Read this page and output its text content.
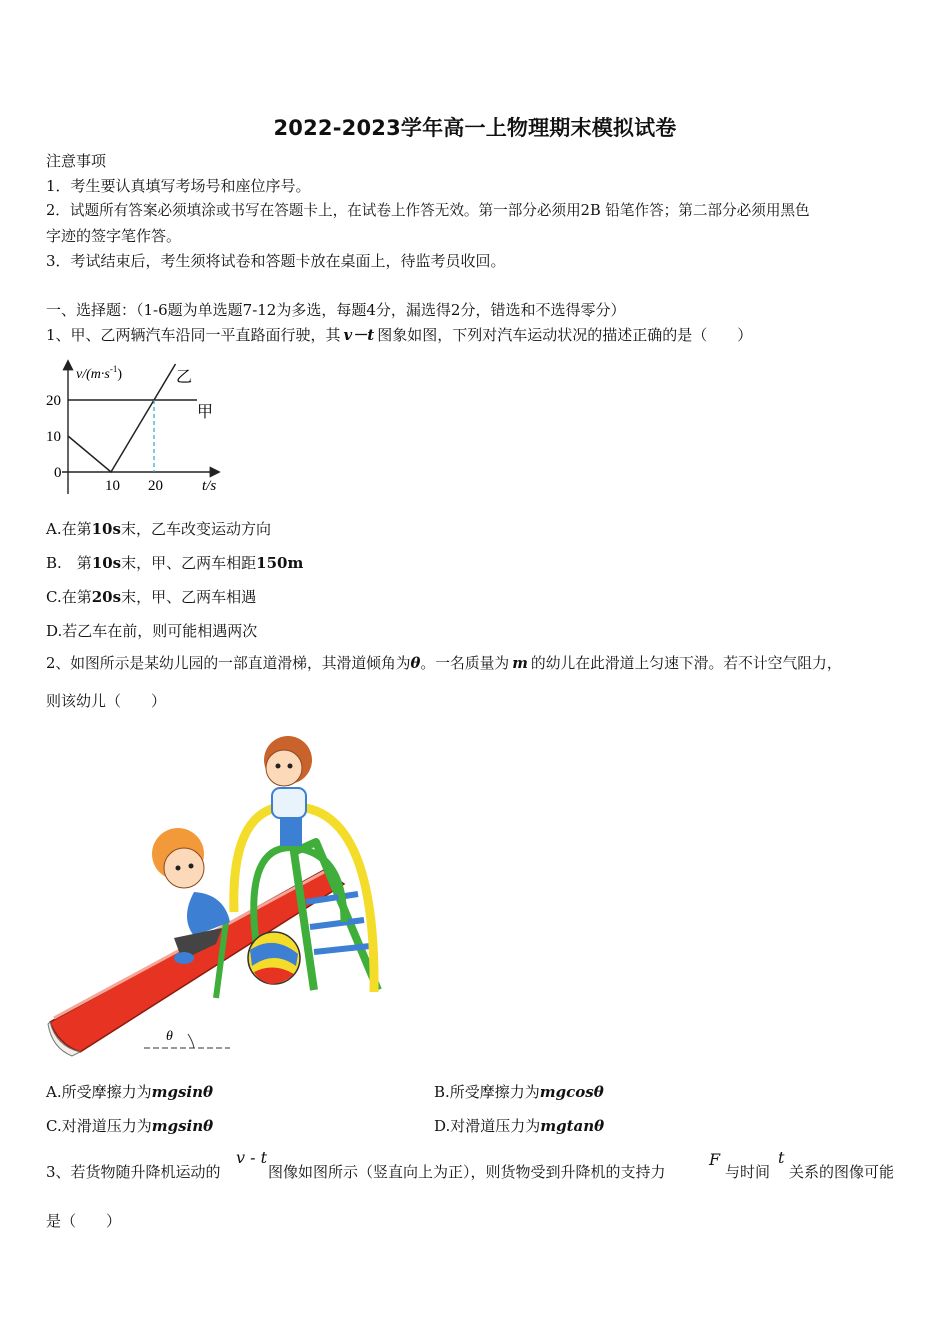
2022-2023学年高一上物理期末模拟试卷
注意事项
1．考生要认真填写考场号和座位序号。
2．试题所有答案必须填涂或书写在答题卡上，在试卷上作答无效。第一部分必须用2B 铅笔作答；第二部分必须用黑色
字迹的签字笔作答。
3．考试结束后，考生须将试卷和答题卡放在桌面上，待监考员收回。
一、选择题：（1-6题为单选题7-12为多选，每题4分，漏选得2分，错选和不选得零分）
1、甲、乙两辆汽车沿同一平直路面行驶，其 v－t 图象如图，下列对汽车运动状况的描述正确的是（　　）
$v/(m\cdot s^{-1})$
20
10
0
10 20	t/s
乙
甲
A.在第10s末，乙车改变运动方向
B.　第10s末，甲、乙两车相距150m
C.在第20s末，甲、乙两车相遇
D.若乙车在前，则可能相遇两次
2、如图所示是某幼儿园的一部直道滑梯，其滑道倾角为θ。一名质量为 m 的幼儿在此滑道上匀速下滑。若不计空气阻力，
则该幼儿（　　）
θ
A.所受摩擦力为mgsinθ	B.所受摩擦力为mgcosθ
C.对滑道压力为mgsinθ	D.对滑道压力为mgtanθ
3、若货物随升降机运动的
v - t
图像如图所示（竖直向上为正），则货物受到升降机的支持力
F
与时间
t
关系的图像可能
是（　　）
